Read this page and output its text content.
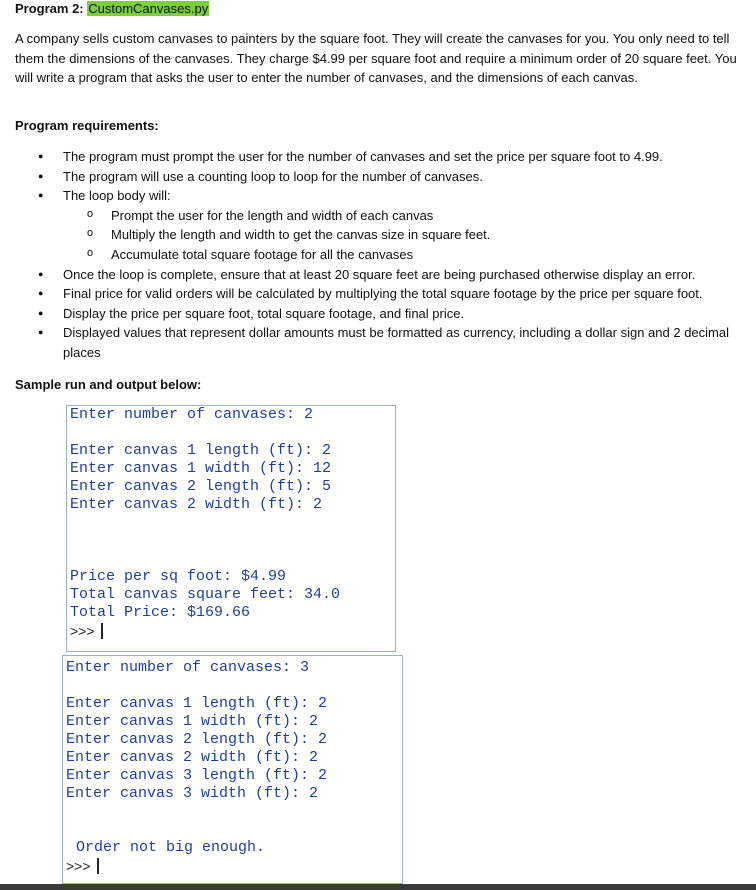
Program 2: CustomCanvases.py

A company sells custom canvases to painters by the square foot. They will create the canvases for you. You only need to tell them the dimensions of the canvases. They charge $4.99 per square foot and require a minimum order of 20 square feet. You will write a program that asks the user to enter the number of canvases, and the dimensions of each canvas.

Program requirements:
● The program must prompt the user for the number of canvases and set the price per square foot to 4.99.
● The program will use a counting loop to loop for the number of canvases.
● The loop body will:
o Prompt the user for the length and width of each canvas
o Multiply the length and width to get the canvas size in square feet.
o Accumulate total square footage for all the canvases
● Once the loop is complete, ensure that at least 20 square feet are being purchased otherwise display an error.
● Final price for valid orders will be calculated by multiplying the total square footage by the price per square foot.
● Display the price per square foot, total square footage, and final price.
● Displayed values that represent dollar amounts must be formatted as currency, including a dollar sign and 2 decimal places
Sample run and output below:
Enter number of canvases: 2
Enter canvas 1 length (ft): 2
Enter canvas 1 width (ft): 12
Enter canvas 2 length (ft): 5
Enter canvas 2 width (ft): 2
Price per sq foot: $4.99
Total canvas square feet: 34.0
Total Price: $169.66
>>>
Enter number of canvases: 3
Enter canvas 1 length (ft): 2
Enter canvas 1 width (ft): 2
Enter canvas 2 length (ft): 2
Enter canvas 2 width (ft): 2
Enter canvas 3 length (ft): 2
Enter canvas 3 width (ft): 2
Order not big enough.
>>>
